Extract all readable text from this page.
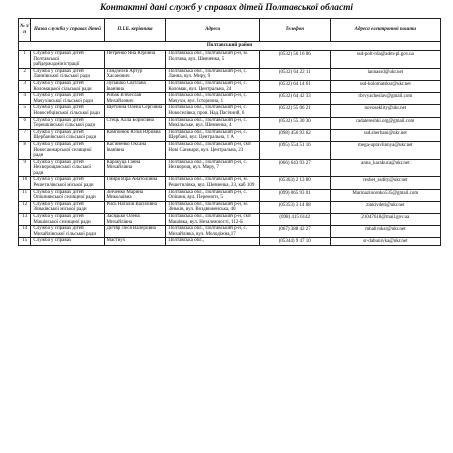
Контактні дані служб у справах дітей Полтавської області
№ з/п	Назва служби у справах дітей	П.І.Б. керівника	Адреса	Телефон	Адреса електронної пошти
Полтавський район					
1	Служба у справах дітей Полтавської райдержадміністрації	Петренко Яна Юріївна	Полтавська обл., Полтавський р-н, м. Полтава, вул. Шевченка, 5	(0532) 56 16 06	ssd-polt-rda@adm-pl.gov.ua
2	Служба у справах дітей Ланнівської сільської ради	Гандзелєв Артур Хасанович	Полтавська обл., Полтавський р-н, с. Ланна, вул. Миру, 9	(0532) 64 22 11	lannassd@ukr.net
3	Служба у справах дітей Коломацької сільської ради	Лупашко Світлана Іванівна	Полтавська обл., Полтавський р-н, с. Коломак, вул. Центральна, 24	(0532) 64 14 61	ssd-kolomatsksr@ukr.net
4	Служба у справах дітей Мачухівської сільської ради	Рибак В'ячеслав Михайлович	Полтавська обл., Полтавський р-н, с. Мачухи, вул. Історична, 1	(0532) 64 42 33	rbrvyacheslav@gmail.com
5	Служба у справах дітей Новосебцівської сільської ради	Щетініна Олена Сергіївна	Полтавська обл., Полтавський р-н, с. Новоселівка, пров. Над.Пасічний, 6	(0532) 55 06 21	novoseklity@ukr.net
6	Служба у справах дітей Терешківської сільської ради	Стець Алла Борисівна	Полтавська обл., Полтавський р-н, с. Микільське, вул. Шевченка, 4	(0532) 55 30 30	radatereshki.org@gmail.com
7	Служба у справах дітей Щербанівської сільської ради	Компонюк Юлія Юріївна	Полтавська обл., Полтавський р-н, с. Щербані, вул. Центральна, 1 А	(098) 456 93 62	ssd.sherbani@ukr.net
8	Служба у справах дітей Новосанжарської селищної ради	Кас'яненко Оксана Іванівна	Полтавська обл., Полтавський р-н, смт Нові Санжари, вул. Центральна, 23	(095) 554 51 16	mega-upravlinnya@ukr.net
9	Служба у справах дітей Нехворощанської сільської ради	Каракуца Ганна Михайлівна	Полтавська обл., Полтавський р-н, с. Нехворощ, вул. Миру, 7	(066) 643 93 27	anna_karakuca@ukr.net
10	Служба у справах дітей Решетилівської міської ради	Гмиря Віра Анатоліївна	Полтавська обл., Полтавський р-н, м. Решетилівка, вул. Шевченка, 23, каб 109	(05363) 2 13 80	reshet_ssdity@ukr.net
11	Служба у справах дітей Опішнянської селищної ради	Зінченко Марина Миколаївна	Полтавська обл., Полтавський р-н, с. Опішня, вул. Перемоги, 5	(099) 065 93 01	Marinazincenko535@gmail.com
12	Служба у справах дітей Зіньківської міської ради	Рись Наталія Василівна	Полтавська обл., Полтавський р-н, м. Зіньків, вул. Воздвиженська, 40	(05353) 3 14 08	zinkivdeti@ukr.net
13	Служба у справах дітей Машівської селищної ради	Засядько Олена Михайлівна	Полтавська обл., Полтавський р-н, смт Машівка, вул. Незалежності, 112-Б	(098) 415 6142	21047618@mail.gov.ua
14	Служба у справах дітей Михайлівської сільської ради	Дігтяр Леся Валеріївна	Полтавська обл., Полтавський р-н, с. Михайлівка, вул. Молодіжна,17	(067) 388 42 27	mhalivsksr@ukr.net
15	Служба у справах	Мастиух	Полтавська обл.,	(05344) 9 47 10	sr-dabunivka@ukr.net
